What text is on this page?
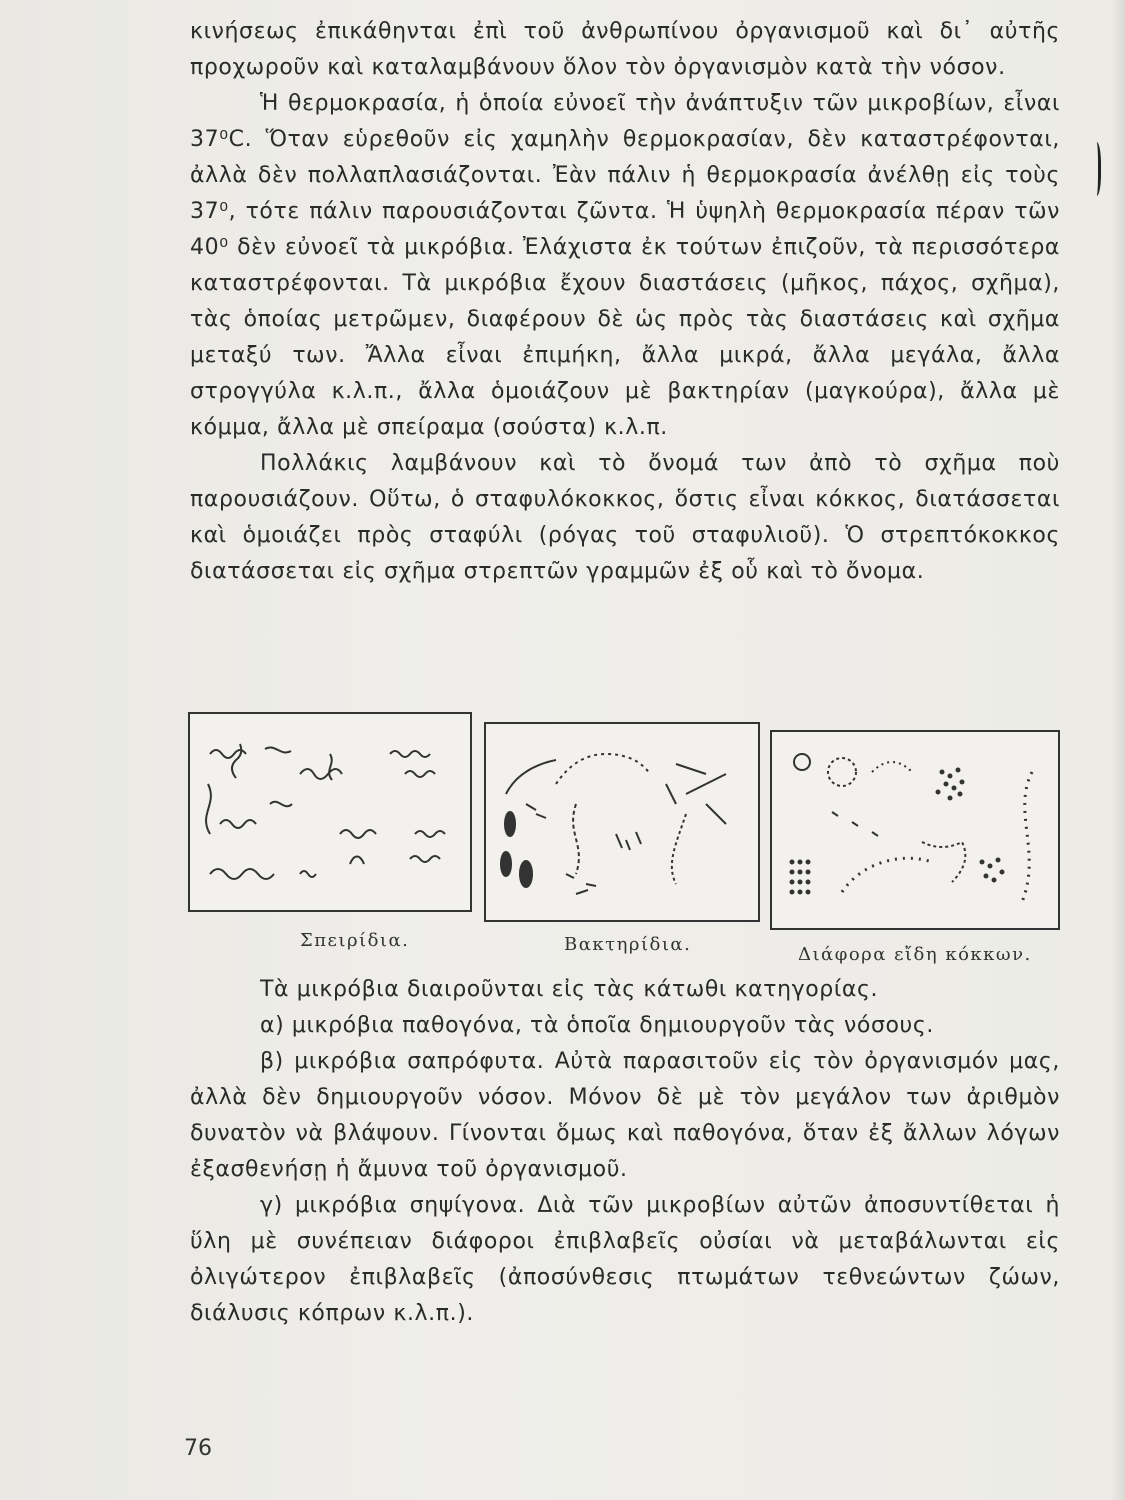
κινήσεως ἐπικάθηνται ἐπὶ τοῦ ἀνθρωπίνου ὀργανισμοῦ καὶ δι᾿ αὐτῆς προχωροῦν καὶ καταλαμβάνουν ὅλον τὸν ὀργανισμὸν κατὰ τὴν νόσον.

Ἡ θερμοκρασία, ἡ ὁποία εὐνοεῖ τὴν ἀνάπτυξιν τῶν μικροβίων, εἶναι 37⁰C. Ὅταν εὑρεθοῦν εἰς χαμηλὴν θερμοκρασίαν, δὲν καταστρέφονται, ἀλλὰ δὲν πολλαπλασιάζονται. Ἐὰν πάλιν ἡ θερμοκρασία ἀνέλθῃ εἰς τοὺς 37⁰, τότε πάλιν παρουσιάζονται ζῶντα. Ἡ ὑψηλὴ θερμοκρασία πέραν τῶν 40⁰ δὲν εὐνοεῖ τὰ μικρόβια. Ἐλάχιστα ἐκ τούτων ἐπιζοῦν, τὰ περισσότερα καταστρέφονται. Τὰ μικρόβια ἔχουν διαστάσεις (μῆκος, πάχος, σχῆμα), τὰς ὁποίας μετρῶμεν, διαφέρουν δὲ ὡς πρὸς τὰς διαστάσεις καὶ σχῆμα μεταξύ των. Ἄλλα εἶναι ἐπιμήκη, ἄλλα μικρά, ἄλλα μεγάλα, ἄλλα στρογγύλα κ.λ.π., ἄλλα ὁμοιάζουν μὲ βακτηρίαν (μαγκούρα), ἄλλα μὲ κόμμα, ἄλλα μὲ σπείραμα (σούστα) κ.λ.π.

Πολλάκις λαμβάνουν καὶ τὸ ὄνομά των ἀπὸ τὸ σχῆμα ποὺ παρουσιάζουν. Οὕτω, ὁ σταφυλόκοκκος, ὅστις εἶναι κόκκος, διατάσσεται καὶ ὁμοιάζει πρὸς σταφύλι (ρόγας τοῦ σταφυλιοῦ). Ὁ στρεπτόκοκκος διατάσσεται εἰς σχῆμα στρεπτῶν γραμμῶν ἐξ οὗ καὶ τὸ ὄνομα.

Σπειρίδια.	Βακτηρίδια.	Διάφορα εἴδη κόκκων.

Τὰ μικρόβια διαιροῦνται εἰς τὰς κάτωθι κατηγορίας.

α) μικρόβια παθογόνα, τὰ ὁποῖα δημιουργοῦν τὰς νόσους.

β) μικρόβια σαπρόφυτα. Αὐτὰ παρασιτοῦν εἰς τὸν ὀργανισμόν μας, ἀλλὰ δὲν δημιουργοῦν νόσον. Μόνον δὲ μὲ τὸν μεγάλον των ἀριθμὸν δυνατὸν νὰ βλάψουν. Γίνονται ὅμως καὶ παθογόνα, ὅταν ἐξ ἄλλων λόγων ἐξασθενήσῃ ἡ ἄμυνα τοῦ ὀργανισμοῦ.

γ) μικρόβια σηψίγονα. Διὰ τῶν μικροβίων αὐτῶν ἀποσυντίθεται ἡ ὕλη μὲ συνέπειαν διάφοροι ἐπιβλαβεῖς οὐσίαι νὰ μεταβάλωνται εἰς ὀλιγώτερον ἐπιβλαβεῖς (ἀποσύνθεσις πτωμάτων τεθνεώντων ζώων, διάλυσις κόπρων κ.λ.π.).

76
